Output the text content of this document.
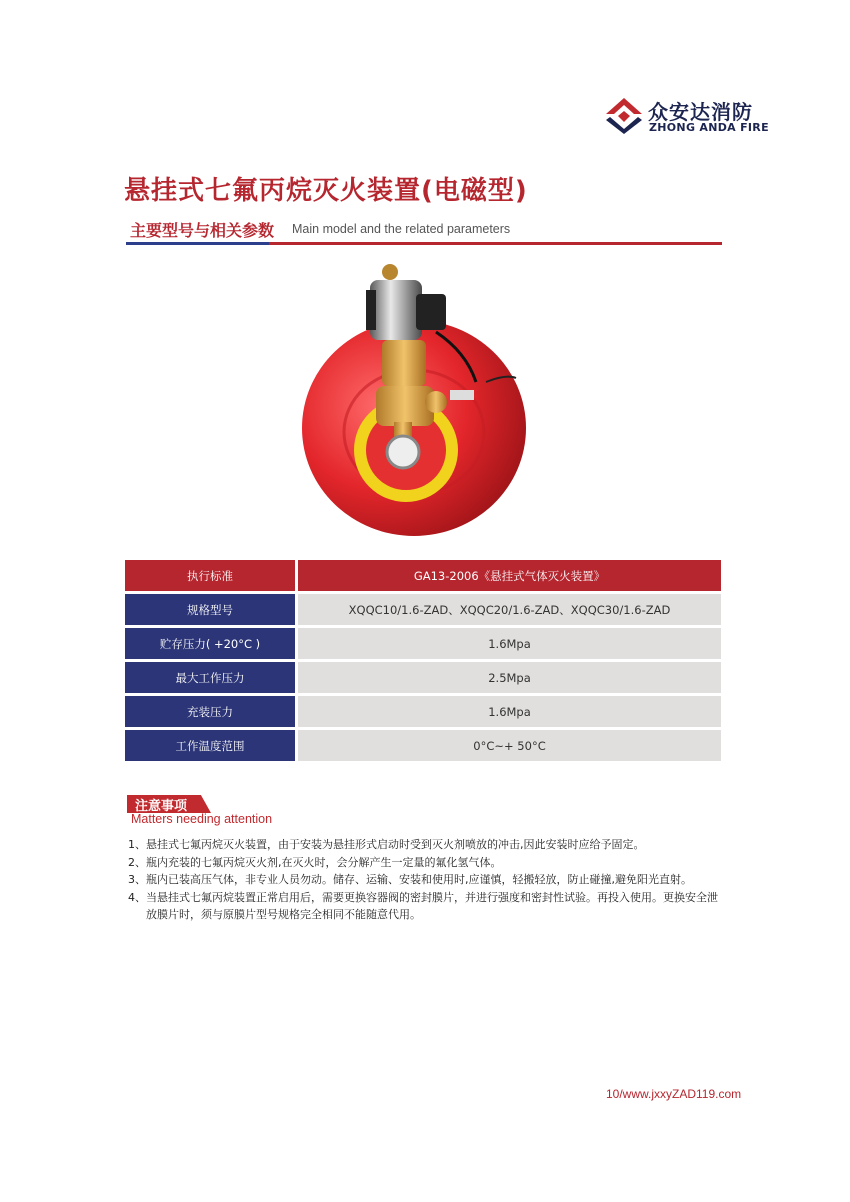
众安达消防
ZHONG ANDA FIRE
悬挂式七氟丙烷灭火装置(电磁型)
主要型号与相关参数 Main model and the related parameters
执行标准	GA13-2006《悬挂式气体灭火装置》
规格型号	XQQC10/1.6-ZAD、XQQC20/1.6-ZAD、XQQC30/1.6-ZAD
贮存压力( +20°C )	1.6Mpa
最大工作压力	2.5Mpa
充装压力	1.6Mpa
工作温度范围	0°C~+ 50°C
注意事项
Matters needing attention
1、 悬挂式七氟丙烷灭火装置，由于安装为悬挂形式启动时受到灭火剂喷放的冲击,因此安装时应给予固定。
2、 瓶内充装的七氟丙烷灭火剂,在灭火时，会分解产生一定量的氟化氢气体。
3、 瓶内已装高压气体，非专业人员勿动。储存、运输、安装和使用时,应谨慎，轻搬轻放，防止碰撞,避免阳光直射。
4、 当悬挂式七氟丙烷装置正常启用后，需要更换容器阀的密封膜片，并进行强度和密封性试验。再投入使用。更换安全泄放膜片时，须与原膜片型号规格完全相同不能随意代用。
10/www.jxxyZAD119.com
